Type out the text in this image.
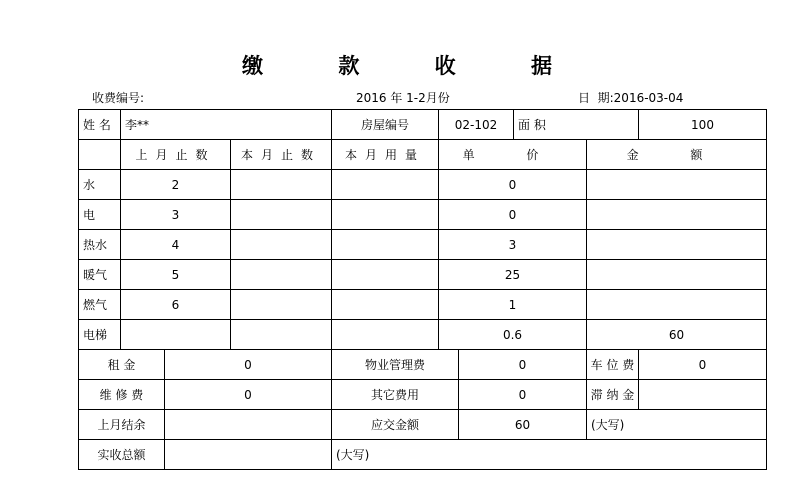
缴 款 收 据
收费编号:	2016 年 1-2月份	日  期:2016-03-04
姓 名	李**			房屋编号	02-102		面 积		100
	上月止数		本月止数	本月用量	单 价			金 额	
水	2				0				
电	3				0				
热水	4				3				
暖气	5				25				
燃气	6				1				
电梯					0.6			60	
租 金		0		物业管理费		0		车 位 费	0
维 修 费		0		其它费用		0		滞 纳 金	
上月结余				应交金额		60		(大写)	
实收总额				(大写)					
